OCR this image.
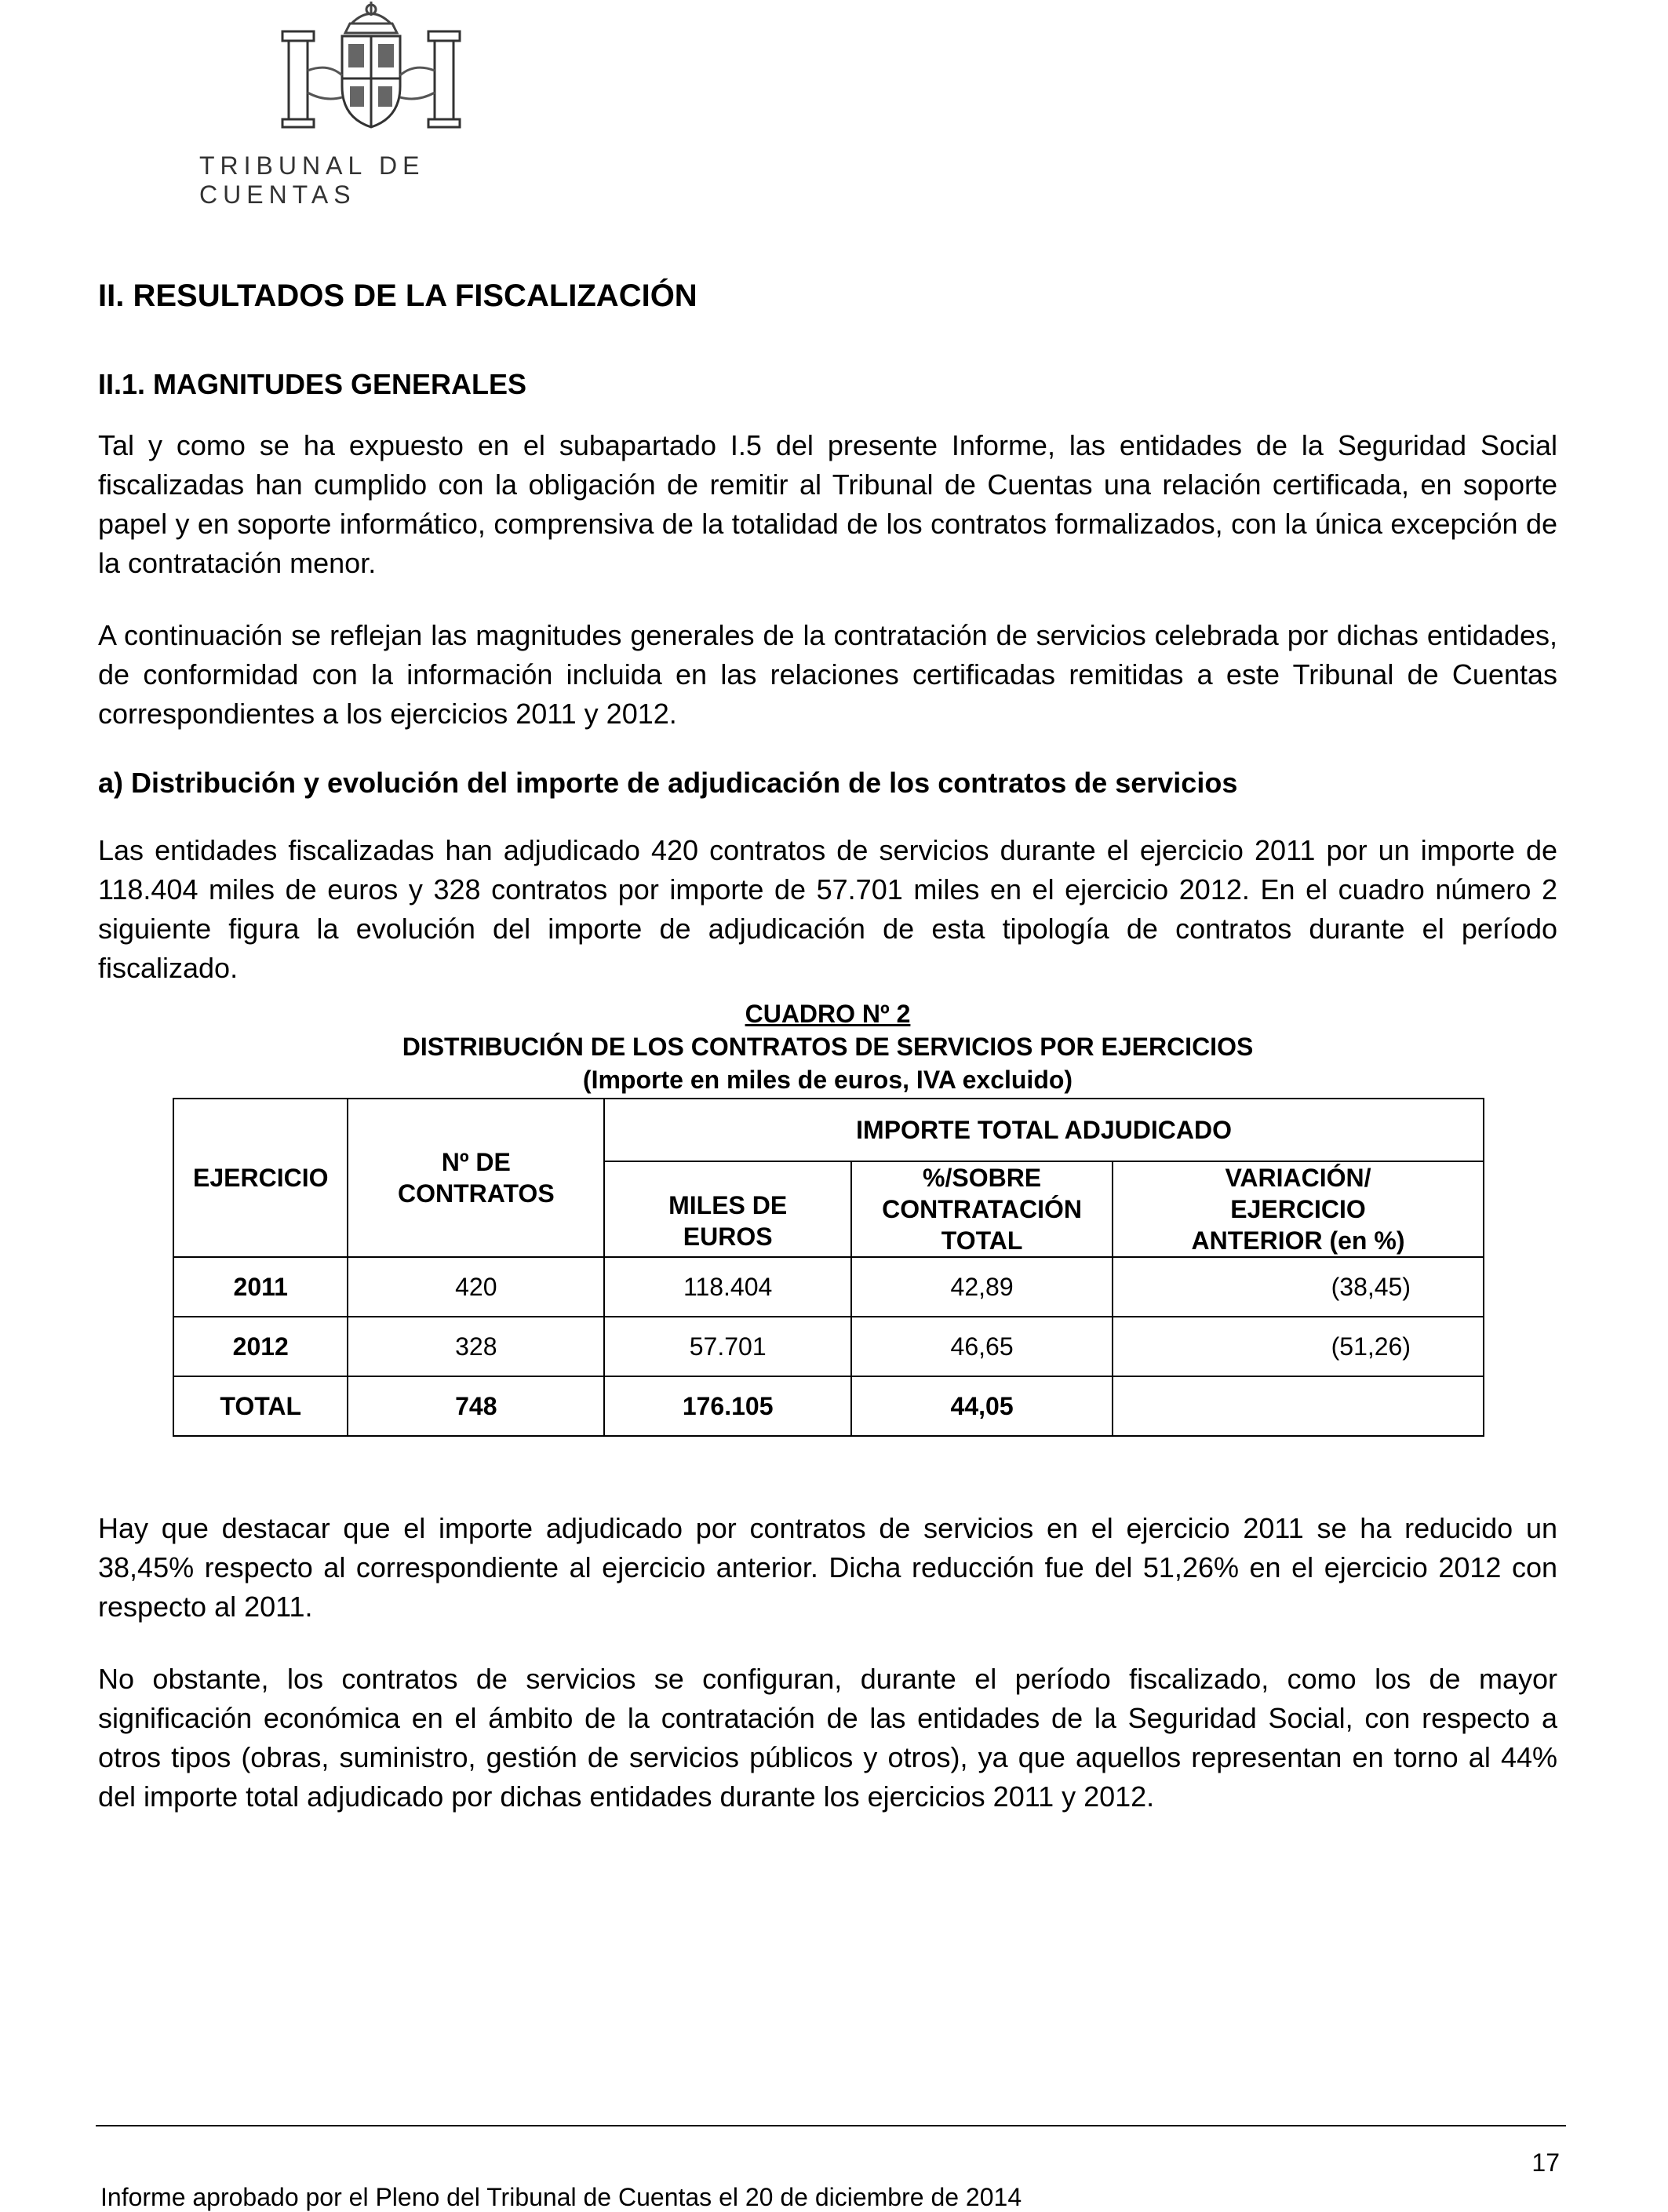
TRIBUNAL DE CUENTAS
II. RESULTADOS DE LA FISCALIZACIÓN
II.1. MAGNITUDES GENERALES

Tal y como se ha expuesto en el subapartado I.5 del presente Informe, las entidades de la Seguridad Social fiscalizadas han cumplido con la obligación de remitir al Tribunal de Cuentas una relación certificada, en soporte papel y en soporte informático, comprensiva de la totalidad de los contratos formalizados, con la única excepción de la contratación menor.

A continuación se reflejan las magnitudes generales de la contratación de servicios celebrada por dichas entidades, de conformidad con la información incluida en las relaciones certificadas remitidas a este Tribunal de Cuentas correspondientes a los ejercicios 2011 y 2012.

a) Distribución y evolución del importe de adjudicación de los contratos de servicios

Las entidades fiscalizadas han adjudicado 420 contratos de servicios durante el ejercicio 2011 por un importe de 118.404 miles de euros y 328 contratos por importe de 57.701 miles en el ejercicio 2012. En el cuadro número 2 siguiente figura la evolución del importe de adjudicación de esta tipología de contratos durante el período fiscalizado.

CUADRO Nº 2
DISTRIBUCIÓN DE LOS CONTRATOS DE SERVICIOS POR EJERCICIOS
(Importe en miles de euros, IVA excluido)
EJERCICIO	Nº DE CONTRATOS	IMPORTE TOTAL ADJUDICADO		
		MILES DE EUROS	%/SOBRE CONTRATACIÓN TOTAL	VARIACIÓN/ EJERCICIO ANTERIOR (en %)
2011	420	118.404	42,89	(38,45)
2012	328	57.701	46,65	(51,26)
TOTAL	748	176.105	44,05	

Hay que destacar que el importe adjudicado por contratos de servicios en el ejercicio 2011 se ha reducido un 38,45% respecto al correspondiente al ejercicio anterior. Dicha reducción fue del 51,26% en el ejercicio 2012 con respecto al 2011.

No obstante, los contratos de servicios se configuran, durante el período fiscalizado, como los de mayor significación económica en el ámbito de la contratación de las entidades de la Seguridad Social, con respecto a otros tipos (obras, suministro, gestión de servicios públicos y otros), ya que aquellos representan en torno al 44% del importe total adjudicado por dichas entidades durante los ejercicios 2011 y 2012.

17
Informe aprobado por el Pleno del Tribunal de Cuentas el 20 de diciembre de 2014
